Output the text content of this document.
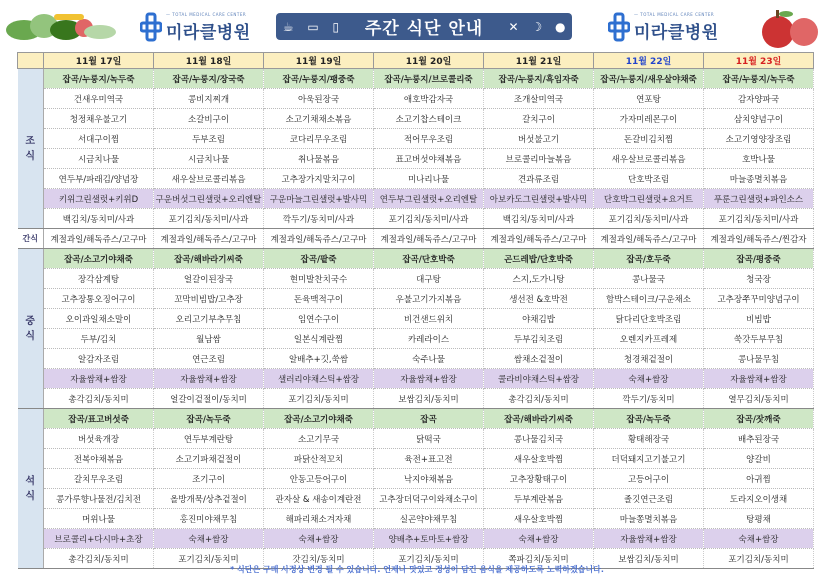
— TOTAL MEDICAL CARE CENTER
미라클병원	☕ ▭ ▯	주간 식단 안내	✕ ☽ ●
— TOTAL MEDICAL CARE CENTER
미라클병원
	11월 17일	11월 18일	11월 19일	11월 20일	11월 21일	11월 22일	11월 23일
조
식	잡곡/누룽지/녹두죽	잡곡/누룽지/장국죽	잡곡/누룽지/팽중죽	잡곡/누룽지/브로콜리죽	잡곡/누룽지/흑임자죽	잡곡/누룽지/새우살야채죽	잡곡/누룽지/녹두죽
	건새우미역국	콩비지찌개	아욱된장국	애호박감자국	조개살미역국	연포탕	감자양파국
	청정채우불고기	소갈비구이	소고기채채소볶음	소고기찹스테이크	갈치구이	가자미레몬구이	삼치양념구이
	서대구이찜	두부조림	코다리무우조림	적어무우조림	버섯불고기	돈갈비김치찜	소고기영양장조림
	시금치나물	시금치나물	취나물볶음	표고버섯야채볶음	브로콜리마늘볶음	새우살브로콜리볶음	호박나물
	연두부/파래김/양념장	새우살브로콜리볶음	고추장가지말치구이	미나리나물	견과류조림	단호박조림	마늘종멸치볶음
	키위그린샐럿+키위D	구운버섯그린샐럿+오리엔탈	구운마늘그린샐럿+발사믹	연두부그린샐럿+오리엔탈	아보카도그린샐럿+발사믹	단호박그린샐럿+요거트	푸룬그린샐럿+파인소스
	백김치/동치미/사과	포기김치/동치미/사과	깍두기/동치미/사과	포기김치/동치미/사과	백김치/동치미/사과	포기김치/동치미/사과	포기김치/동치미/사과
간식	계절과일/해독쥬스/고구마	계절과일/해독쥬스/고구마	계절과일/해독쥬스/고구마	계절과일/해독쥬스/고구마	계절과일/해독쥬스/고구마	계절과일/해독쥬스/고구마	계절과일/해독쥬스/찐감자
중
식	잡곡/소고기야채죽	잡곡/해바라기씨죽	잡곡/팥죽	잡곡/단호박죽	곤드레밥/단호박죽	잡곡/호두죽	잡곡/평중죽
	장각삼계탕	얼갈이된장국	현미발찬치국수	대구탕	스지,도가니탕	콩나물국	청국장
	고추장통오징어구이	꼬막비빔밥/고추장	돈육맥적구이	우불고기가지볶음	생선전 &호박전	함박스테이크/구운채소	고추장쭈꾸미양념구이
	오이과일채소말이	오리고기부추무침	임연수구이	비건샌드위치	야채김밥	닭다리단호박조림	비빔밥
	두부/김치	월남쌈	일본식계란찜	카레라이스	두부김치조림	오렌지카프레제	쑥갓두부무침
	알감자조림	연근조림	알배추+깃,쑥쌈	숙주나물	쌈채소겉절이	청경채겉절이	콩나물무침
	자율쌈채+쌈장	자율쌈채+쌈장	샐러리야채스틱+쌈장	자율쌈채+쌈장	콜라비야채스틱+쌈장	숙채+쌈장	자율쌈채+쌈장
	총각김치/동치미	얼갈이겉절이/동치미	포기김치/동치미	보쌈김치/동치미	총각김치/동치미	깍두기/동치미	열무김치/동치미
석
식	잡곡/표고버섯죽	잡곡/녹두죽	잡곡/소고기야채죽	잡곡	잡곡/해바라기씨죽	잡곡/녹두죽	잡곡/잣깨죽
	버섯육개장	연두부계란탕	소고기무국	닭떡국	콩나물김치국	황태해장국	배추된장국
	전복야채볶음	소고기파채겉절이	파닭산적꼬치	육전+표고전	새우살호박찜	더덕돼지고기불고기	양갈비
	갈치무우조림	조기구이	안동고등어구이	낙지야채볶음	고추장황태구이	고등어구이	아귀찜
	콩가루향나물전/김치전	올방개묵/상추겉절이	관자살 & 새송이계란전	고추장더덕구이와채소구이	두부계란볶음	졸깃연근조림	도라지오이생채
	머위나물	홍진미야채무침	해파리채소겨자채	실곤약야채무침	새우살호박찜	마늘쫑멸치볶음	탕평채
	브로콜리+다시마+초장	숙채+쌈장	숙채+쌈장	양배추+토마토+쌈장	숙채+쌈장	자율쌈채+쌈장	숙채+쌈장
	총각김치/동치미	포기김치/동치미	갓김치/동치미	포기김치/동치미	쪽파김치/동치미	보쌈김치/동치미	포기김치/동치미
* 식단은 구매 사정상 변경 될 수 있습니다. 언제나 맛있고 정성이 담긴 음식을 제공하도록 노력하겠습니다.
